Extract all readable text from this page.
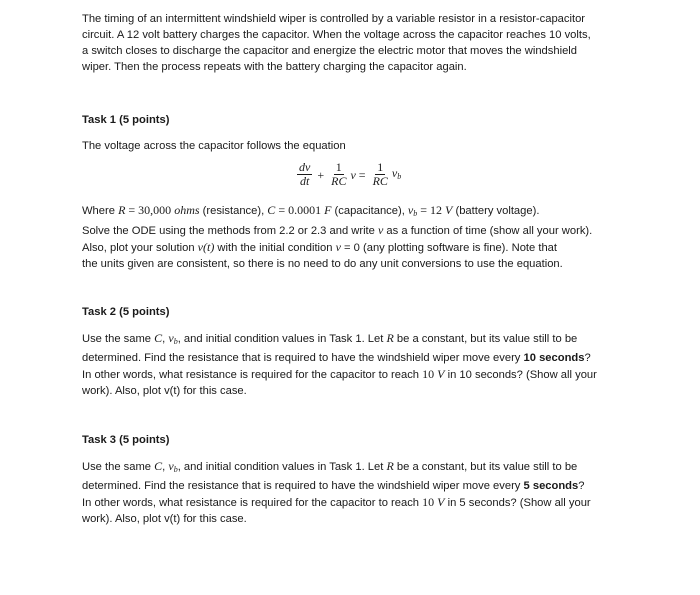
The timing of an intermittent windshield wiper is controlled by a variable resistor in a resistor-capacitor
circuit. A 12 volt battery charges the capacitor. When the voltage across the capacitor reaches 10 volts,
a switch closes to discharge the capacitor and energize the electric motor that moves the windshield
wiper. Then the process repeats with the battery charging the capacitor again.
Task 1 (5 points)
The voltage across the capacitor follows the equation
$\frac{dv}{dt} + \frac{1}{RC}$ $v = \frac{1}{RC} v_b$
Where R = 30,000 ohms (resistance), C = 0.0001 F (capacitance), $v_b = 12$ V (battery voltage).
Solve the ODE using the methods from 2.2 or 2.3 and write v as a function of time (show all your work).
Also, plot your solution v(t) with the initial condition v = 0 (any plotting software is fine). Note that
the units given are consistent, so there is no need to do any unit conversions to use the equation.
Task 2 (5 points)
Use the same C, $v_b$, and initial condition values in Task 1. Let R be a constant, but its value still to be
determined. Find the resistance that is required to have the windshield wiper move every 10 seconds?
In other words, what resistance is required for the capacitor to reach 10 V in 10 seconds? (Show all your
work). Also, plot v(t) for this case.
Task 3 (5 points)
Use the same C, $v_b$, and initial condition values in Task 1. Let R be a constant, but its value still to be
determined. Find the resistance that is required to have the windshield wiper move every 5 seconds?
In other words, what resistance is required for the capacitor to reach 10 V in 5 seconds? (Show all your
work). Also, plot v(t) for this case.
